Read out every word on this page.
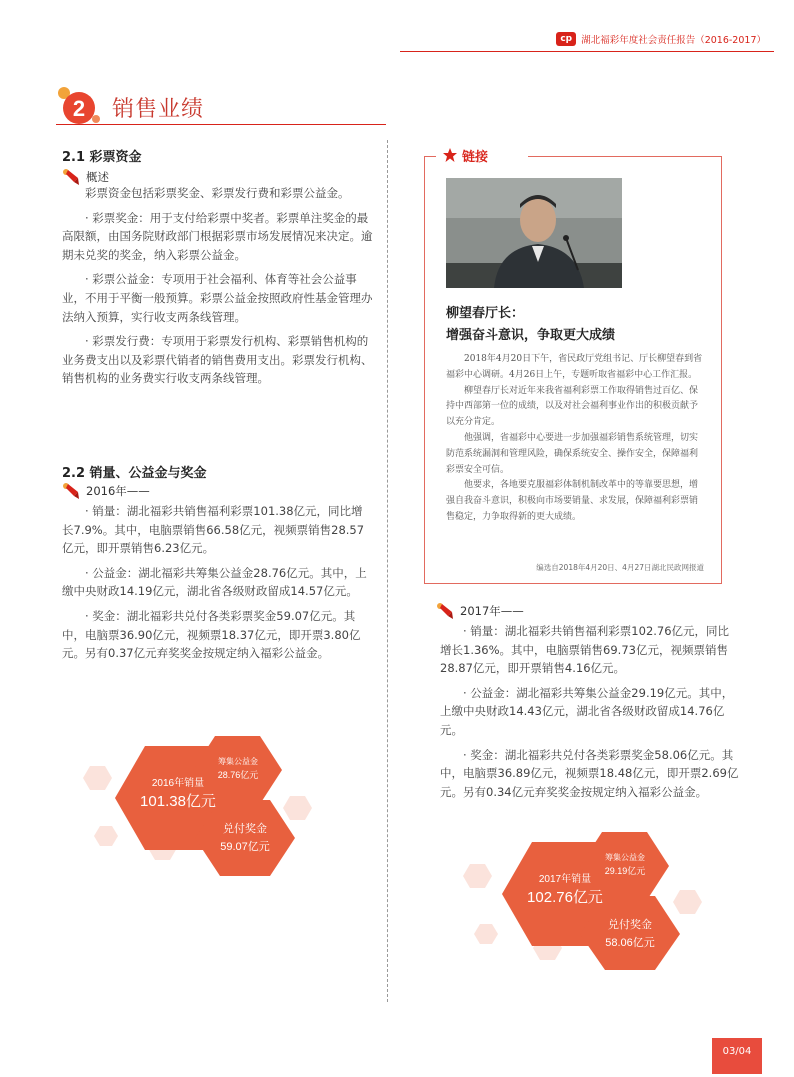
cp 湖北福彩年度社会责任报告（2016-2017）
2 销售业绩
2.1 彩票资金
概述

彩票资金包括彩票奖金、彩票发行费和彩票公益金。

· 彩票奖金：用于支付给彩票中奖者。彩票单注奖金的最高限额，由国务院财政部门根据彩票市场发展情况来决定。逾期未兑奖的奖金，纳入彩票公益金。

· 彩票公益金：专项用于社会福利、体育等社会公益事业，不用于平衡一般预算。彩票公益金按照政府性基金管理办法纳入预算，实行收支两条线管理。

· 彩票发行费：专项用于彩票发行机构、彩票销售机构的业务费支出以及彩票代销者的销售费用支出。彩票发行机构、销售机构的业务费实行收支两条线管理。

2.2 销量、公益金与奖金
2016年——

· 销量：湖北福彩共销售福利彩票101.38亿元，同比增长7.9%。其中，电脑票销售66.58亿元，视频票销售28.57亿元，即开票销售6.23亿元。

· 公益金：湖北福彩共筹集公益金28.76亿元。其中，上缴中央财政14.19亿元，湖北省各级财政留成14.57亿元。

· 奖金：湖北福彩共兑付各类彩票奖金59.07亿元。其中，电脑票36.90亿元，视频票18.37亿元，即开票3.80亿元。另有0.37亿元弃奖奖金按规定纳入福彩公益金。

2016年销量
101.38亿元
筹集公益金
28.76亿元
兑付奖金
59.07亿元
链接
柳望春厅长：
增强奋斗意识，争取更大成绩

2018年4月20日下午，省民政厅党组书记、厅长柳望春到省福彩中心调研。4月26日上午，专题听取省福彩中心工作汇报。

柳望春厅长对近年来我省福利彩票工作取得销售过百亿、保持中西部第一位的成绩，以及对社会福利事业作出的积极贡献予以充分肯定。

他强调，省福彩中心要进一步加强福彩销售系统管理，切实防范系统漏洞和管理风险，确保系统安全、操作安全，保障福利彩票安全可信。

他要求，各地要克服福彩体制机制改革中的等靠要思想，增强自我奋斗意识，积极向市场要销量、求发展，保障福利彩票销售稳定，力争取得新的更大成绩。

编选自2018年4月20日、4月27日湖北民政网报道
2017年——

· 销量：湖北福彩共销售福利彩票102.76亿元，同比增长1.36%。其中，电脑票销售69.73亿元，视频票销售28.87亿元，即开票销售4.16亿元。

· 公益金：湖北福彩共筹集公益金29.19亿元。其中，上缴中央财政14.43亿元，湖北省各级财政留成14.76亿元。

· 奖金：湖北福彩共兑付各类彩票奖金58.06亿元。其中，电脑票36.89亿元，视频票18.48亿元，即开票2.69亿元。另有0.34亿元弃奖奖金按规定纳入福彩公益金。

2017年销量
102.76亿元
筹集公益金
29.19亿元
兑付奖金
58.06亿元
03/04
